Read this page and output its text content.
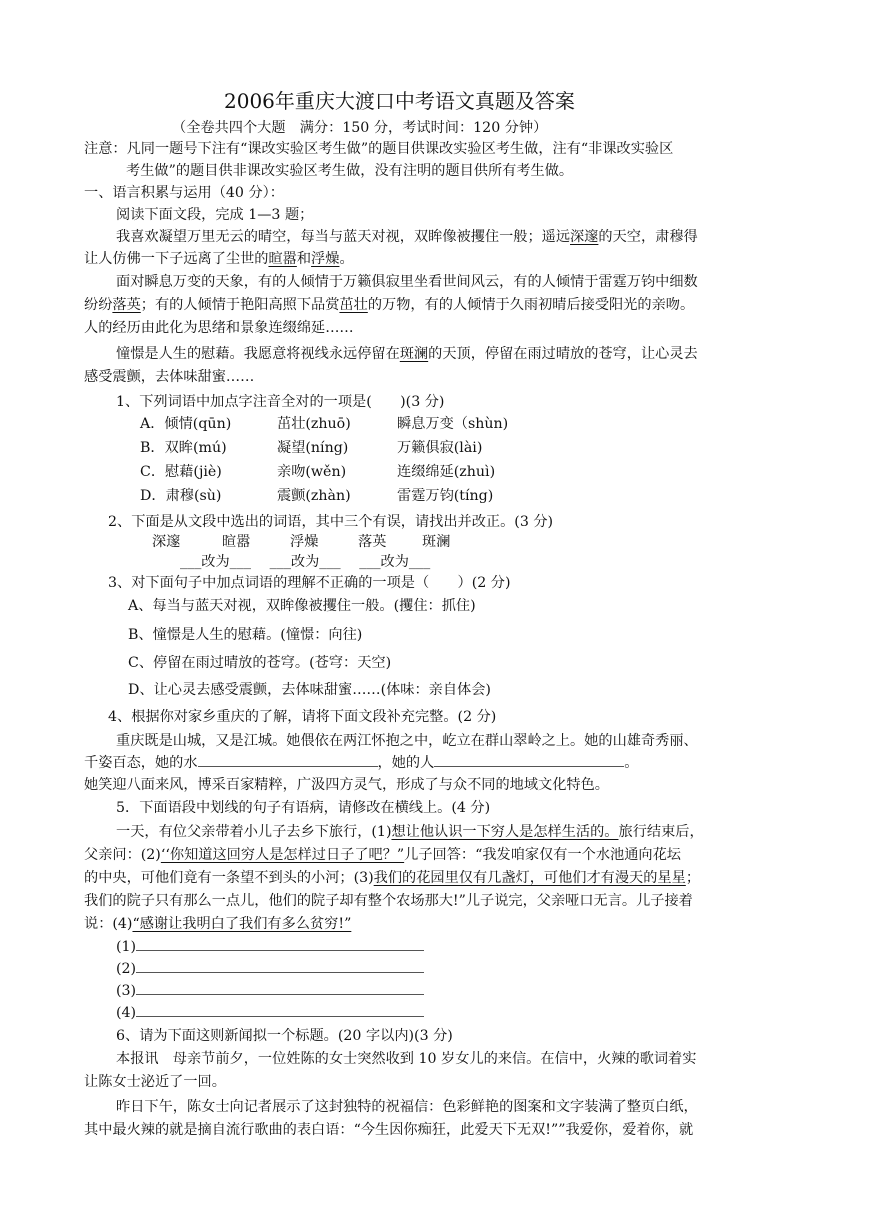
2006年重庆大渡口中考语文真题及答案
（全卷共四个大题　满分：150 分，考试时间：120 分钟）
注意：凡同一题号下注有“课改实验区考生做”的题目供课改实验区考生做，注有“非课改实验区
考生做”的题目供非课改实验区考生做，没有注明的题目供所有考生做。
一、语言积累与运用（40 分）：
阅读下面文段，完成 1—3 题；
我喜欢凝望万里无云的晴空，每当与蓝天对视，双眸像被攫住一般；遥远深邃的天空，肃穆得
让人仿佛一下子远离了尘世的暄嚣和浮燥。
面对瞬息万变的天象，有的人倾情于万籁俱寂里坐看世间风云，有的人倾情于雷霆万钧中细数
纷纷落英；有的人倾情于艳阳高照下品赏茁壮的万物，有的人倾情于久雨初晴后接受阳光的亲吻。
人的经历由此化为思绪和景象连缀绵延……
憧憬是人生的慰藉。我愿意将视线永远停留在斑澜的天顶，停留在雨过晴放的苍穹，让心灵去
感受震颤，去体味甜蜜……
1、下列词语中加点字注音全对的一项是(　　)(3 分)
A．倾情(qūn)	茁壮(zhuō)	瞬息万变（shùn)
B．双眸(mú)	凝望(níng)	万籁俱寂(lài)
C．慰藉(jiè)	亲吻(wěn)	连缀绵延(zhuì)
D．肃穆(sù)	震颤(zhàn)	雷霆万钧(tíng)
2、下面是从文段中选出的词语，其中三个有误，请找出并改正。(3 分)
深邃	暄嚣	浮燥	落英	斑澜
___改为___　 ___改为___　 ___改为___
3、对下面句子中加点词语的理解不正确的一项是（　　）(2 分)
A、每当与蓝天对视，双眸像被攫住一般。(攫住：抓住)
B、憧憬是人生的慰藉。(憧憬：向往)
C、停留在雨过晴放的苍穹。(苍穹：天空)
D、让心灵去感受震颤，去体味甜蜜……(体味：亲自体会)
4、根据你对家乡重庆的了解，请将下面文段补充完整。(2 分)
重庆既是山城，又是江城。她偎依在两江怀抱之中，屹立在群山翠岭之上。她的山雄奇秀丽、
千姿百态，她的水	，她的人	。
她笑迎八面来风，博采百家精粹，广汲四方灵气，形成了与众不同的地域文化特色。
5．下面语段中划线的句子有语病，请修改在横线上。(4 分)
一天，有位父亲带着小儿子去乡下旅行，(1)想让他认识一下穷人是怎样生活的。旅行结束后，
父亲问：(2)‘‘你知道这回穷人是怎样过日子了吧？”儿子回答：“我发咱家仅有一个水池通向花坛
的中央，可他们竟有一条望不到头的小河；(3)我们的花园里仅有几盏灯，可他们才有漫天的星星；
我们的院子只有那么一点儿，他们的院子却有整个农场那大!”儿子说完，父亲哑口无言。儿子接着
说：(4)“感谢让我明白了我们有多么贫穷!”
(1)
(2)
(3)
(4)
6、请为下面这则新闻拟一个标题。(20 字以内)(3 分)
本报讯　母亲节前夕，一位姓陈的女士突然收到 10 岁女儿的来信。在信中，火辣的歌词着实
让陈女士泌近了一回。
昨日下午，陈女士向记者展示了这封独特的祝福信：色彩鲜艳的图案和文字装满了整页白纸，
其中最火辣的就是摘自流行歌曲的表白语：“今生因你痴狂，此爱天下无双!””我爱你，爱着你，就
